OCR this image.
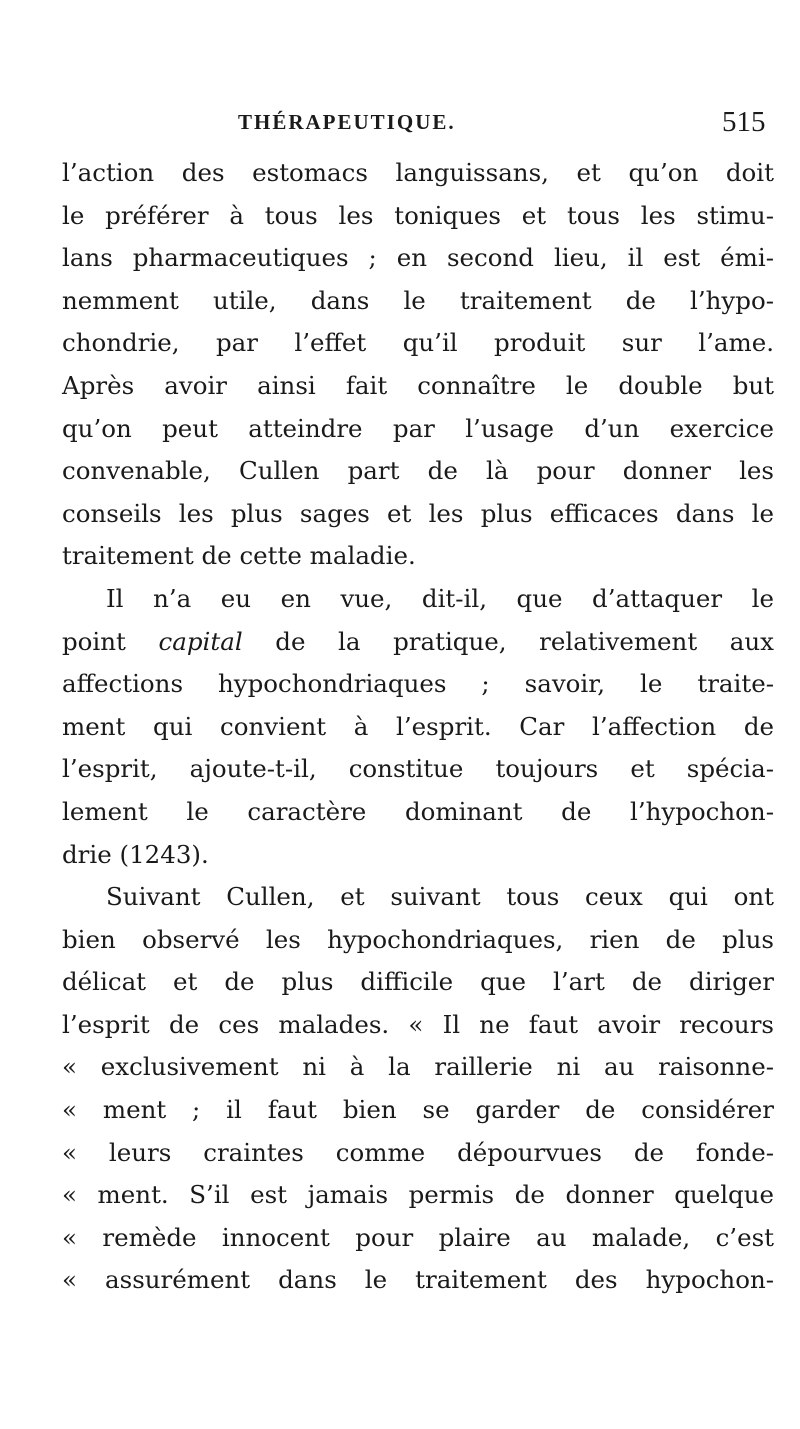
THÉRAPEUTIQUE.	515
l’action des estomacs languissans, et qu’on doit
le préférer à tous les toniques et tous les stimu-
lans pharmaceutiques ; en second lieu, il est émi-
nemment utile, dans le traitement de l’hypo-
chondrie, par l’effet qu’il produit sur l’ame.
Après avoir ainsi fait connaître le double but
qu’on peut atteindre par l’usage d’un exercice
convenable, Cullen part de là pour donner les
conseils les plus sages et les plus efficaces dans le
traitement de cette maladie.
Il n’a eu en vue, dit-il, que d’attaquer le
point capital de la pratique, relativement aux
affections hypochondriaques ; savoir, le traite-
ment qui convient à l’esprit. Car l’affection de
l’esprit, ajoute-t-il, constitue toujours et spécia-
lement le caractère dominant de l’hypochon-
drie (1243).
Suivant Cullen, et suivant tous ceux qui ont
bien observé les hypochondriaques, rien de plus
délicat et de plus difficile que l’art de diriger
l’esprit de ces malades. « Il ne faut avoir recours
« exclusivement ni à la raillerie ni au raisonne-
« ment ; il faut bien se garder de considérer
« leurs craintes comme dépourvues de fonde-
« ment. S’il est jamais permis de donner quelque
« remède innocent pour plaire au malade, c’est
« assurément dans le traitement des hypochon-
